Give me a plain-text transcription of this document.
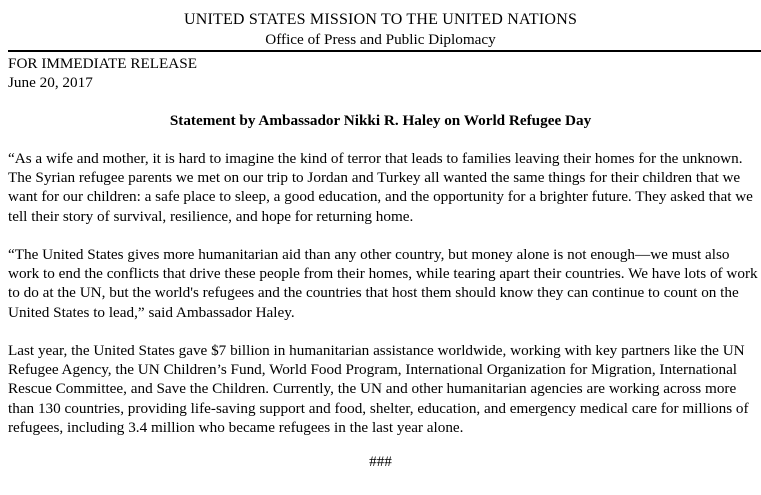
UNITED STATES MISSION TO THE UNITED NATIONS
Office of Press and Public Diplomacy
FOR IMMEDIATE RELEASE
June 20, 2017
Statement by Ambassador Nikki R. Haley on World Refugee Day

“As a wife and mother, it is hard to imagine the kind of terror that leads to families leaving their homes for the unknown. The Syrian refugee parents we met on our trip to Jordan and Turkey all wanted the same things for their children that we want for our children: a safe place to sleep, a good education, and the opportunity for a brighter future. They asked that we tell their story of survival, resilience, and hope for returning home.

“The United States gives more humanitarian aid than any other country, but money alone is not enough—we must also work to end the conflicts that drive these people from their homes, while tearing apart their countries. We have lots of work to do at the UN, but the world's refugees and the countries that host them should know they can continue to count on the United States to lead,” said Ambassador Haley.

Last year, the United States gave $7 billion in humanitarian assistance worldwide, working with key partners like the UN Refugee Agency, the UN Children’s Fund, World Food Program, International Organization for Migration, International Rescue Committee, and Save the Children. Currently, the UN and other humanitarian agencies are working across more than 130 countries, providing life-saving support and food, shelter, education, and emergency medical care for millions of refugees, including 3.4 million who became refugees in the last year alone.

###
